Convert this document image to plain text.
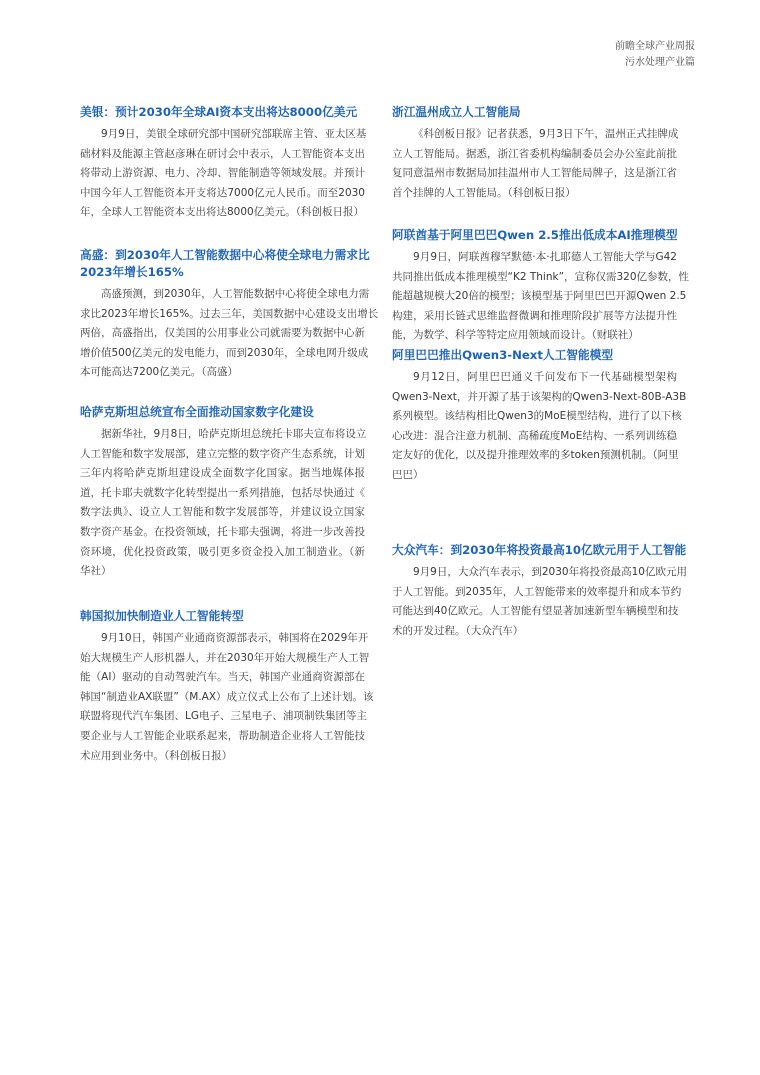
前瞻全球产业周报
污水处理产业篇
美银：预计2030年全球AI资本支出将达8000亿美元
9月9日，美银全球研究部中国研究部联席主管、亚太区基
础材料及能源主管赵彦琳在研讨会中表示，人工智能资本支出
将带动上游资源、电力、冷却、智能制造等领域发展。并预计
中国今年人工智能资本开支将达7000亿元人民币。而至2030
年，全球人工智能资本支出将达8000亿美元。（科创板日报）
高盛：到2030年人工智能数据中心将使全球电力需求比
2023年增长165%
高盛预测，到2030年，人工智能数据中心将使全球电力需
求比2023年增长165%。过去三年，美国数据中心建设支出增长
两倍，高盛指出，仅美国的公用事业公司就需要为数据中心新
增价值500亿美元的发电能力，而到2030年，全球电网升级成
本可能高达7200亿美元。（高盛）
哈萨克斯坦总统宣布全面推动国家数字化建设
据新华社，9月8日，哈萨克斯坦总统托卡耶夫宣布将设立
人工智能和数字发展部，建立完整的数字资产生态系统，计划
三年内将哈萨克斯坦建设成全面数字化国家。据当地媒体报
道，托卡耶夫就数字化转型提出一系列措施，包括尽快通过《
数字法典》、设立人工智能和数字发展部等，并建议设立国家
数字资产基金。在投资领域，托卡耶夫强调，将进一步改善投
资环境，优化投资政策，吸引更多资金投入加工制造业。（新
华社）
韩国拟加快制造业人工智能转型
9月10日，韩国产业通商资源部表示，韩国将在2029年开
始大规模生产人形机器人，并在2030年开始大规模生产人工智
能（AI）驱动的自动驾驶汽车。当天，韩国产业通商资源部在
韩国“制造业AX联盟”（M.AX）成立仪式上公布了上述计划。该
联盟将现代汽车集团、LG电子、三星电子、浦项制铁集团等主
要企业与人工智能企业联系起来，帮助制造企业将人工智能技
术应用到业务中。（科创板日报）
浙江温州成立人工智能局
《科创板日报》记者获悉，9月3日下午，温州正式挂牌成
立人工智能局。据悉，浙江省委机构编制委员会办公室此前批
复同意温州市数据局加挂温州市人工智能局牌子，这是浙江省
首个挂牌的人工智能局。（科创板日报）
阿联酋基于阿里巴巴Qwen 2.5推出低成本AI推理模型
9月9日，阿联酋穆罕默德·本·扎耶德人工智能大学与G42
共同推出低成本推理模型“K2 Think”，宣称仅需320亿参数，性
能超越规模大20倍的模型；该模型基于阿里巴巴开源Qwen 2.5
构建，采用长链式思维监督微调和推理阶段扩展等方法提升性
能，为数学、科学等特定应用领域而设计。（财联社）
阿里巴巴推出Qwen3-Next人工智能模型
9月12日，阿里巴巴通义千问发布下一代基础模型架构
Qwen3-Next，并开源了基于该架构的Qwen3-Next-80B-A3B
系列模型。该结构相比Qwen3的MoE模型结构，进行了以下核
心改进：混合注意力机制、高稀疏度MoE结构、一系列训练稳
定友好的优化，以及提升推理效率的多token预测机制。（阿里
巴巴）
大众汽车：到2030年将投资最高10亿欧元用于人工智能
9月9日，大众汽车表示，到2030年将投资最高10亿欧元用
于人工智能。到2035年，人工智能带来的效率提升和成本节约
可能达到40亿欧元。人工智能有望显著加速新型车辆模型和技
术的开发过程。（大众汽车）
